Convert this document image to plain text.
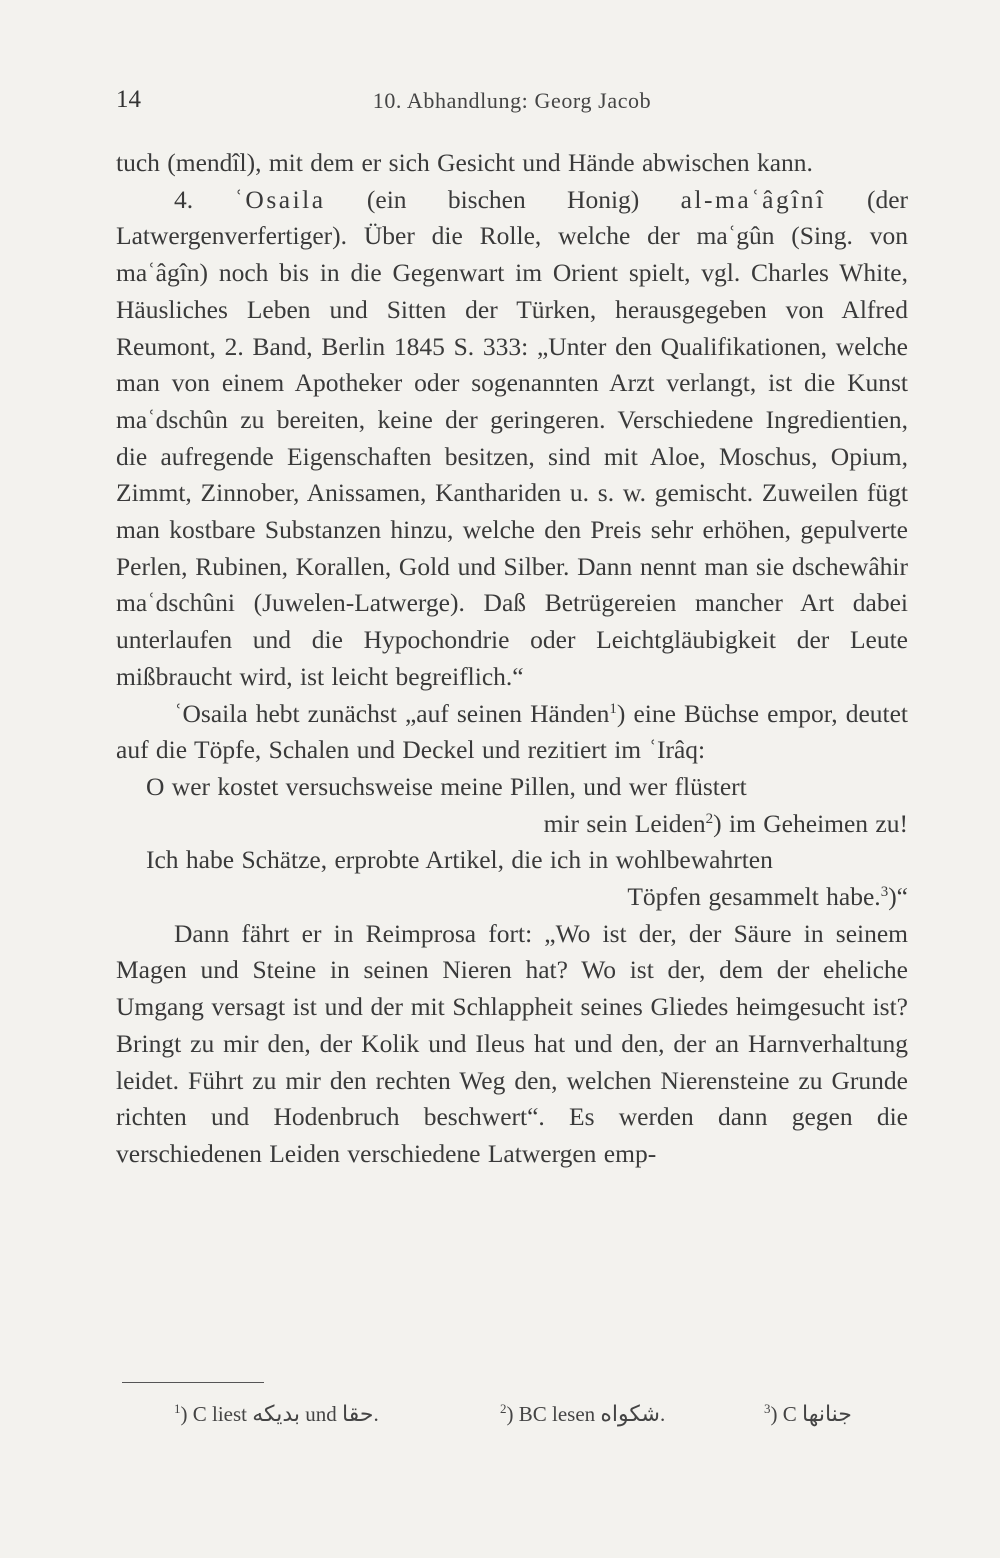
14	10. Abhandlung: Georg Jacob

tuch (mendîl), mit dem er sich Gesicht und Hände abwischen kann.

4. ʿOsaila (ein bischen Honig) al-maʿâgînî (der Latwergenverfertiger). Über die Rolle, welche der maʿgûn (Sing. von maʿâgîn) noch bis in die Gegenwart im Orient spielt, vgl. Charles White, Häusliches Leben und Sitten der Türken, herausgegeben von Alfred Reumont, 2. Band, Berlin 1845 S. 333: „Unter den Qualifikationen, welche man von einem Apotheker oder sogenannten Arzt verlangt, ist die Kunst maʿdschûn zu bereiten, keine der geringeren. Verschiedene Ingredientien, die aufregende Eigenschaften besitzen, sind mit Aloe, Moschus, Opium, Zimmt, Zinnober, Anissamen, Kanthariden u. s. w. gemischt. Zuweilen fügt man kostbare Substanzen hinzu, welche den Preis sehr erhöhen, gepulverte Perlen, Rubinen, Korallen, Gold und Silber. Dann nennt man sie dschewâhir maʿdschûni (Juwelen-Latwerge). Daß Betrügereien mancher Art dabei unterlaufen und die Hypochondrie oder Leichtgläubigkeit der Leute mißbraucht wird, ist leicht begreiflich.“

ʿOsaila hebt zunächst „auf seinen Händen$^1$) eine Büchse empor, deutet auf die Töpfe, Schalen und Deckel und rezitiert im ʿIrâq:

O wer kostet versuchsweise meine Pillen, und wer flüstert
mir sein Leiden$^2$) im Geheimen zu!
Ich habe Schätze, erprobte Artikel, die ich in wohlbewahrten
Töpfen gesammelt habe.$^3$)“

Dann fährt er in Reimprosa fort: „Wo ist der, der Säure in seinem Magen und Steine in seinen Nieren hat? Wo ist der, dem der eheliche Umgang versagt ist und der mit Schlappheit seines Gliedes heimgesucht ist? Bringt zu mir den, der Kolik und Ileus hat und den, der an Harnverhaltung leidet. Führt zu mir den rechten Weg den, welchen Nierensteine zu Grunde richten und Hodenbruch beschwert“. Es werden dann gegen die verschiedenen Leiden verschiedene Latwergen emp-

$^1$) C liest بديكه und حقا.	$^2$) BC lesen شكواه.	$^3$) C جنانها
